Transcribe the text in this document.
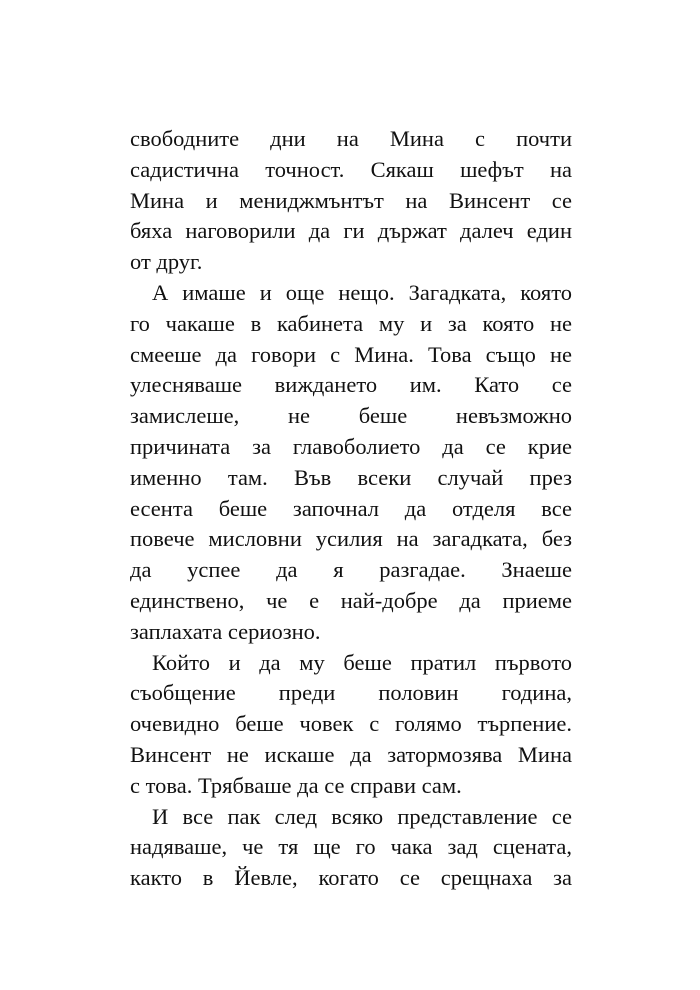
свободните дни на Мина с почти
садистична точност. Сякаш шефът на
Мина и мениджмънтът на Винсент се
бяха наговорили да ги държат далеч един
от друг.
А имаше и още нещо. Загадката, която
го чакаше в кабинета му и за която не
смееше да говори с Мина. Това също не
улесняваше виждането им. Като се
замислеше, не беше невъзможно
причината за главоболието да се крие
именно там. Във всеки случай през
есента беше започнал да отделя все
повече мисловни усилия на загадката, без
да успее да я разгадае. Знаеше
единствено, че е най-добре да приеме
заплахата сериозно.
Който и да му беше пратил първото
съобщение преди половин година,
очевидно беше човек с голямо търпение.
Винсент не искаше да затормозява Мина
с това. Трябваше да се справи сам.
И все пак след всяко представление се
надяваше, че тя ще го чака зад сцената,
както в Йевле, когато се срещнаха за
